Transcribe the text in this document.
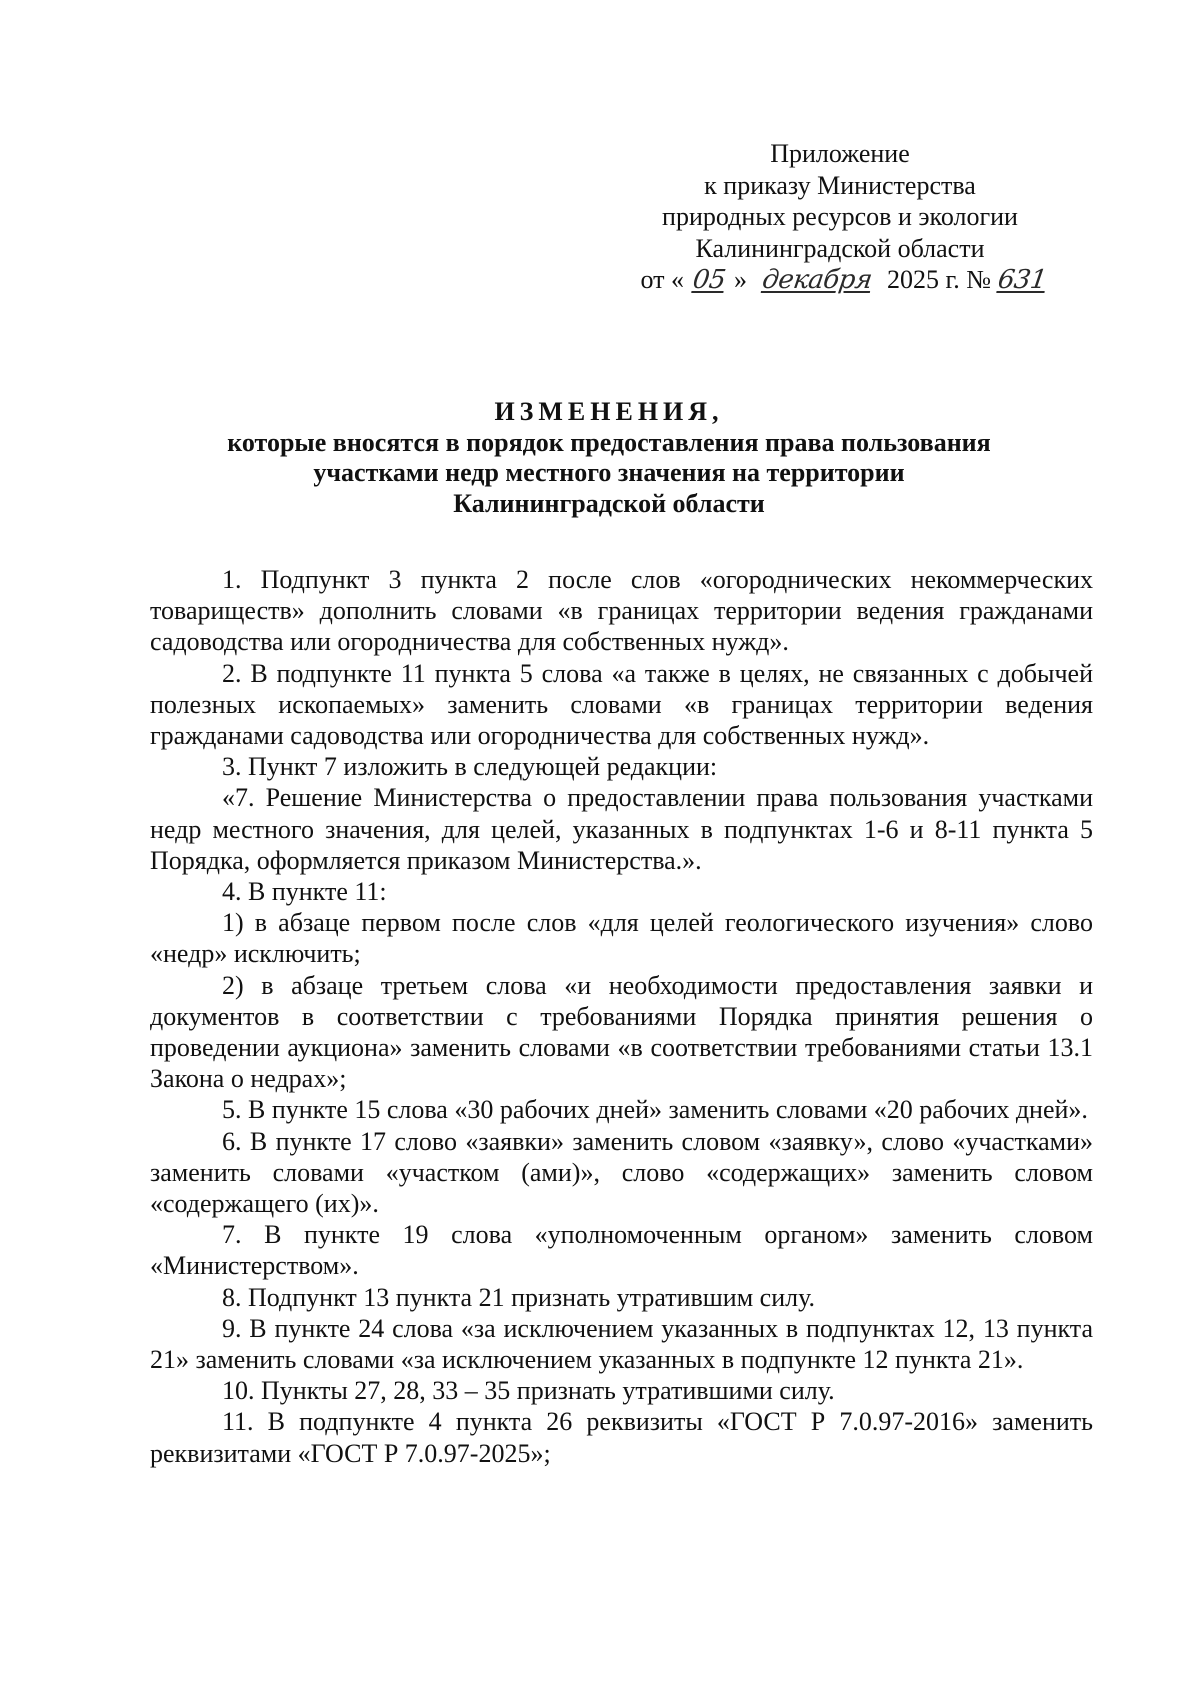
Приложение
к приказу Министерства
природных ресурсов и экологии
Калининградской области
от « 05 » декабря 2025 г. № 631
ИЗМЕНЕНИЯ,
которые вносятся в порядок предоставления права пользования
участками недр местного значения на территории
Калининградской области

1. Подпункт 3 пункта 2 после слов «огороднических некоммерческих товариществ» дополнить словами «в границах территории ведения гражданами садоводства или огородничества для собственных нужд».

2. В подпункте 11 пункта 5 слова «а также в целях, не связанных с добычей полезных ископаемых» заменить словами «в границах территории ведения гражданами садоводства или огородничества для собственных нужд».

3. Пункт 7 изложить в следующей редакции:

«7. Решение Министерства о предоставлении права пользования участками недр местного значения, для целей, указанных в подпунктах 1-6 и 8-11 пункта 5 Порядка, оформляется приказом Министерства.».

4. В пункте 11:

1) в абзаце первом после слов «для целей геологического изучения» слово «недр» исключить;

2) в абзаце третьем слова «и необходимости предоставления заявки и документов в соответствии с требованиями Порядка принятия решения о проведении аукциона» заменить словами «в соответствии требованиями статьи 13.1 Закона о недрах»;

5. В пункте 15 слова «30 рабочих дней» заменить словами «20 рабочих дней».

6. В пункте 17 слово «заявки» заменить словом «заявку», слово «участками» заменить словами «участком (ами)», слово «содержащих» заменить словом «содержащего (их)».

7. В пункте 19 слова «уполномоченным органом» заменить словом «Министерством».

8. Подпункт 13 пункта 21 признать утратившим силу.

9. В пункте 24 слова «за исключением указанных в подпунктах 12, 13 пункта 21» заменить словами «за исключением указанных в подпункте 12 пункта 21».

10. Пункты 27, 28, 33 – 35 признать утратившими силу.

11. В подпункте 4 пункта 26 реквизиты «ГОСТ Р 7.0.97-2016» заменить реквизитами «ГОСТ Р 7.0.97-2025»;
